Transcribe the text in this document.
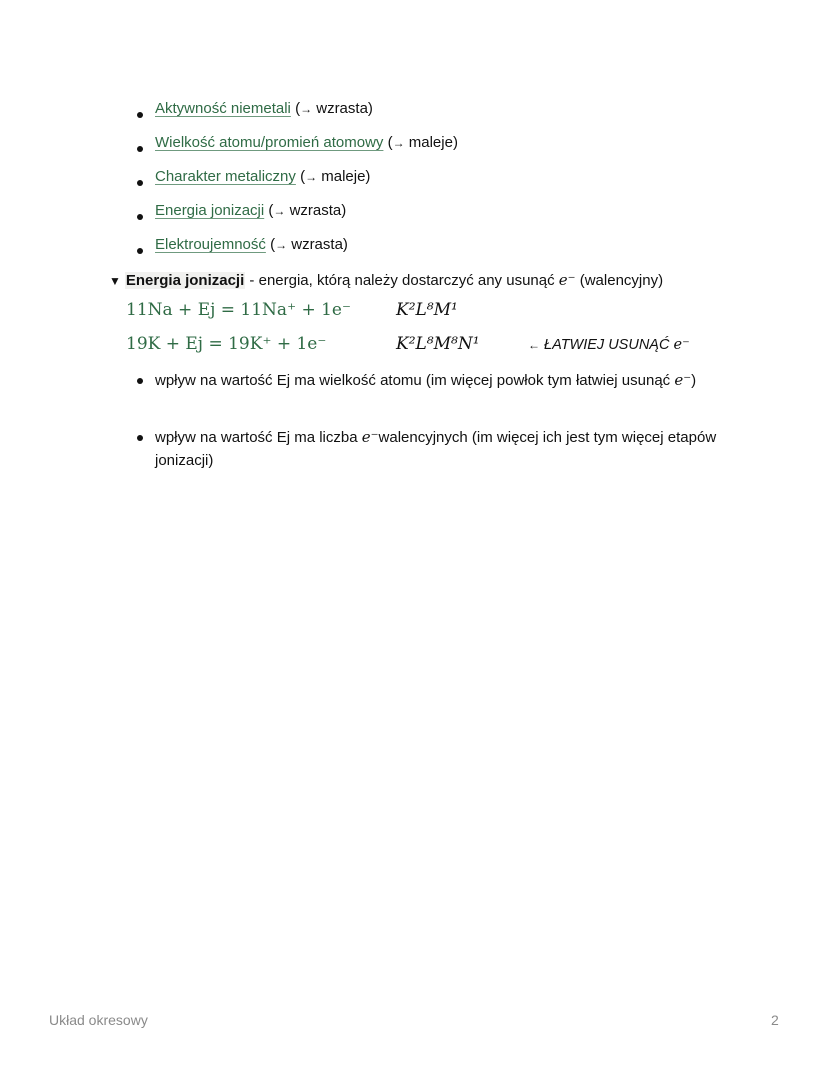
Aktywność niemetali (→ wzrasta)
Wielkość atomu/promień atomowy (→ maleje)
Charakter metaliczny (→ maleje)
Energia jonizacji (→ wzrasta)
Elektroujemność (→ wzrasta)
▼ Energia jonizacji - energia, którą należy dostarczyć any usunąć e⁻ (walencyjny)
11Na + Ej = 11Na⁺ + 1e⁻	K²L⁸M¹
19K + Ej = 19K⁺ + 1e⁻	K²L⁸M⁸N¹	← ŁATWIEJ USUNĄĆ e⁻
wpływ na wartość Ej ma wielkość atomu (im więcej powłok tym łatwiej usunąć e⁻)
wpływ na wartość Ej ma liczba e⁻walencyjnych (im więcej ich jest tym więcej etapów jonizacji)
Układ okresowy	2
